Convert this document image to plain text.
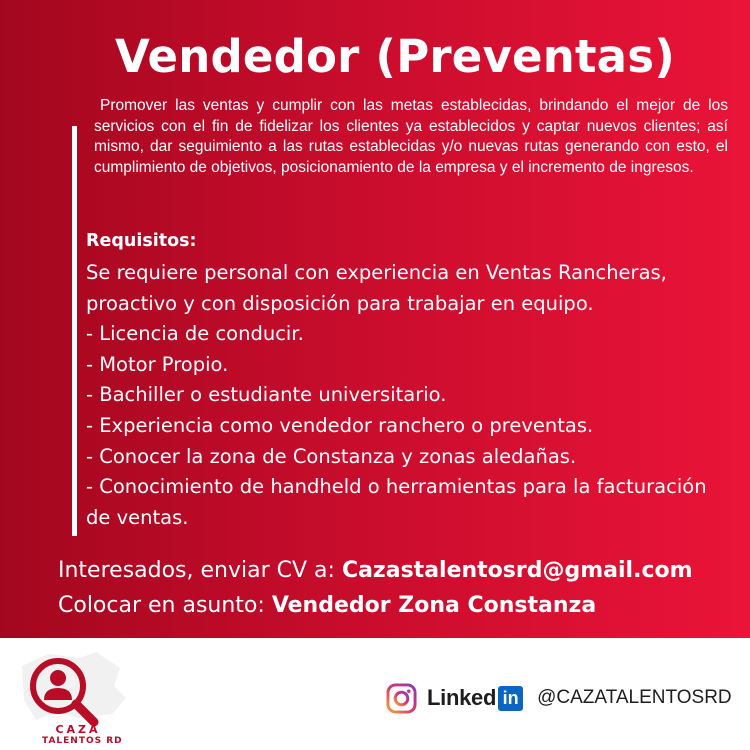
Vendedor (Preventas)

Promover las ventas y cumplir con las metas establecidas, brindando el mejor de los servicios con el fin de fidelizar los clientes ya establecidos y captar nuevos clientes; así mismo, dar seguimiento a las rutas establecidas y/o nuevas rutas generando con esto, el cumplimiento de objetivos, posicionamiento de la empresa y el incremento de ingresos.

Requisitos:
Se requiere personal con experiencia en Ventas Rancheras,
proactivo y con disposición para trabajar en equipo.
- Licencia de conducir.
- Motor Propio.
- Bachiller o estudiante universitario.
- Experiencia como vendedor ranchero o preventas.
- Conocer la zona de Constanza y zonas aledañas.
- Conocimiento de handheld o herramientas para la facturación
de ventas.
Interesados, enviar CV a: Cazastalentosrd@gmail.com
Colocar en asunto: Vendedor Zona Constanza
CAZA
TALENTOS RD
Linked in @CAZATALENTOSRD
